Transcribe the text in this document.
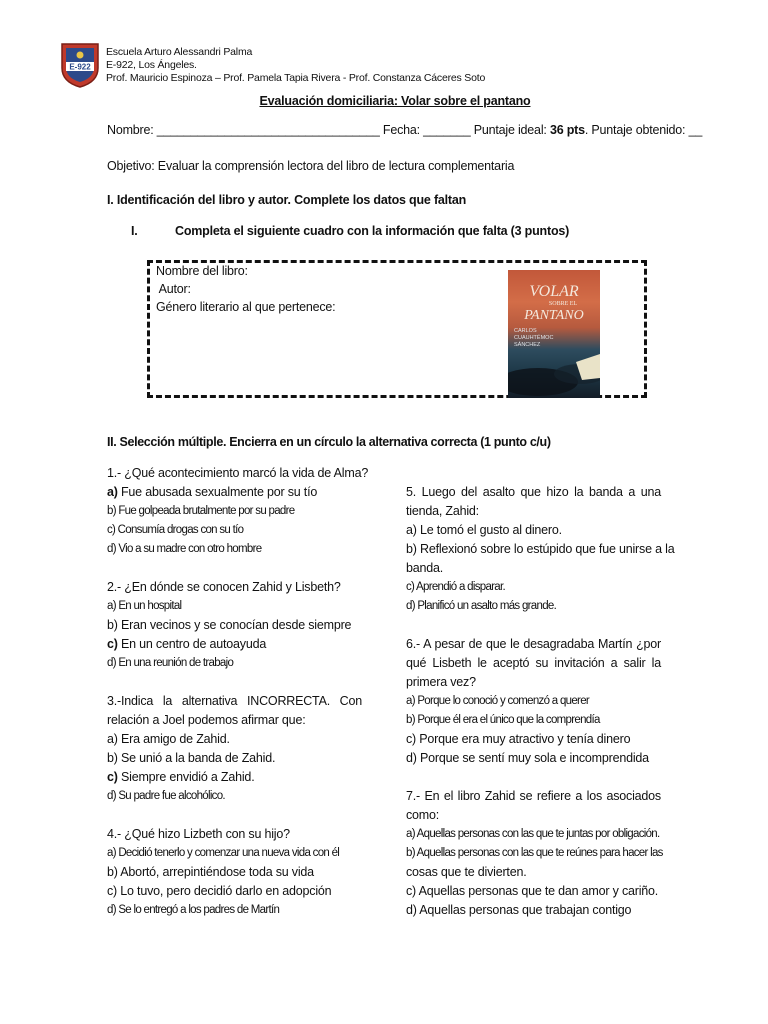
E-922
Escuela Arturo Alessandri Palma
E-922, Los Ángeles.
Prof. Mauricio Espinoza – Prof. Pamela Tapia Rivera - Prof. Constanza Cáceres Soto
Evaluación domiciliaria: Volar sobre el pantano
Nombre: _________________________________ Fecha: _______ Puntaje ideal: 36 pts. Puntaje obtenido: __
Objetivo: Evaluar la comprensión lectora del libro de lectura complementaria
I. Identificación del libro y autor. Complete los datos que faltan
I.	Completa el siguiente cuadro con la información que falta (3 puntos)
Nombre del libro:
Autor:
Género literario al que pertenece:
VOLAR
SOBRE EL
PANTANO
CARLOS
CUAUHTÉMOC
SÁNCHEZ
II. Selección múltiple. Encierra en un círculo la alternativa correcta (1 punto c/u)
1.- ¿Qué acontecimiento marcó la vida de Alma?
a) Fue abusada sexualmente por su tío
b) Fue golpeada brutalmente por su padre
c) Consumía drogas con su tío
d) Vio a su madre con otro hombre
2.- ¿En dónde se conocen Zahid y Lisbeth?
a) En un hospital
b) Eran vecinos y se conocían desde siempre
c) En un centro de autoayuda
d) En una reunión de trabajo
3.-Indica la alternativa INCORRECTA. Con
relación a Joel podemos afirmar que:
a) Era amigo de Zahid.
b) Se unió a la banda de Zahid.
c) Siempre envidió a Zahid.
d) Su padre fue alcohólico.
4.- ¿Qué hizo Lizbeth con su hijo?
a) Decidió tenerlo y comenzar una nueva vida con él
b) Abortó, arrepintiéndose toda su vida
c) Lo tuvo, pero decidió darlo en adopción
d) Se lo entregó a los padres de Martín
5. Luego del asalto que hizo la banda a una
tienda, Zahid:
a) Le tomó el gusto al dinero.
b) Reflexionó sobre lo estúpido que fue unirse a la
banda.
c) Aprendió a disparar.
d) Planificó un asalto más grande.
6.- A pesar de que le desagradaba Martín ¿por
qué Lisbeth le aceptó su invitación a salir la
primera vez?
a) Porque lo conoció y comenzó a querer
b) Porque él era el único que la comprendía
c) Porque era muy atractivo y tenía dinero
d) Porque se sentí muy sola e incomprendida
7.- En el libro Zahid se refiere a los asociados
como:
a) Aquellas personas con las que te juntas por obligación.
b) Aquellas personas con las que te reúnes para hacer las
cosas que te divierten.
c) Aquellas personas que te dan amor y cariño.
d) Aquellas personas que trabajan contigo
